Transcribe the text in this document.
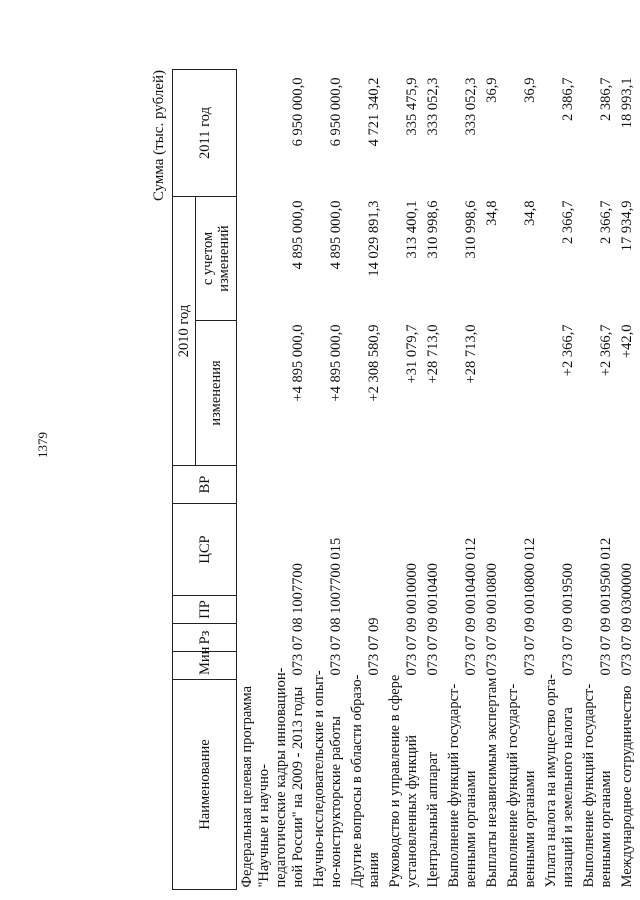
1379
Сумма (тыс. рублей)
Наименование	Мин	Рз	ПР	ЦСР	ВР	2010 год		2011 год
						изменения	с учетом изменений	
Федеральная целевая программа								
"Научные и научно-								
педагогические кадры инновацион-								
ной России" на 2009 - 2013 годы	073 07 08 1007700					+4 895 000,0	4 895 000,0	6 950 000,0

Научно-исследовательские и опыт-								
но-конструкторские работы	073 07 08 1007700 015					+4 895 000,0	4 895 000,0	6 950 000,0

Другие вопросы в области образо-								
вания	073 07 09					+2 308 580,9	14 029 891,3	4 721 340,2

Руководство и управление в сфере								
установленных функций	073 07 09 0010000					+31 079,7	313 400,1	335 475,9

Центральный аппарат	073 07 09 0010400					+28 713,0	310 998,6	333 052,3

Выполнение функций государст-								
венными органами	073 07 09 0010400 012					+28 713,0	310 998,6	333 052,3

Выплаты независимым экспертам	073 07 09 0010800						34,8	36,9

Выполнение функций государст-								
венными органами	073 07 09 0010800 012						34,8	36,9

Уплата налога на имущество орга-								
низаций и земельного налога	073 07 09 0019500					+2 366,7	2 366,7	2 386,7

Выполнение функций государст-								
венными органами	073 07 09 0019500 012					+2 366,7	2 366,7	2 386,7

Международное сотрудничество	073 07 09 0300000					+42,0	17 934,9	18 993,1
